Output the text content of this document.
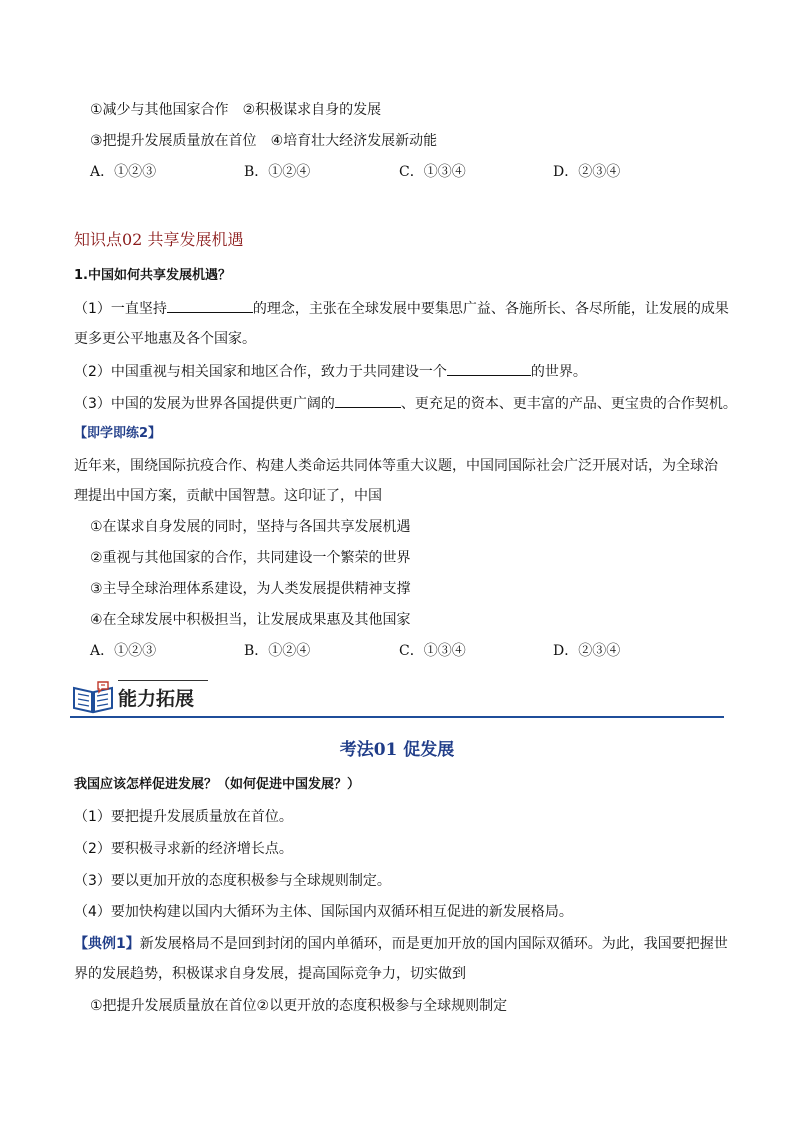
①减少与其他国家合作 ②积极谋求自身的发展
③把提升发展质量放在首位 ④培育壮大经济发展新动能
A．①②③	B．①②④	C．①③④	D．②③④
知识点02 共享发展机遇
1.中国如何共享发展机遇？
（1）一直坚持	的理念，主张在全球发展中要集思广益、各施所长、各尽所能，让发展的成果
更多更公平地惠及各个国家。
（2）中国重视与相关国家和地区合作，致力于共同建设一个	的世界。
（3）中国的发展为世界各国提供更广阔的	、更充足的资本、更丰富的产品、更宝贵的合作契机。
【即学即练2】
近年来，围绕国际抗疫合作、构建人类命运共同体等重大议题，中国同国际社会广泛开展对话，为全球治
理提出中国方案，贡献中国智慧。这印证了，中国
①在谋求自身发展的同时，坚持与各国共享发展机遇
②重视与其他国家的合作，共同建设一个繁荣的世界
③主导全球治理体系建设，为人类发展提供精神支撑
④在全球发展中积极担当，让发展成果惠及其他国家
A．①②③	B．①②④	C．①③④	D．②③④
能力拓展
考法01 促发展
我国应该怎样促进发展？（如何促进中国发展？）
（1）要把提升发展质量放在首位。
（2）要积极寻求新的经济增长点。
（3）要以更加开放的态度积极参与全球规则制定。
（4）要加快构建以国内大循环为主体、国际国内双循环相互促进的新发展格局。
【典例1】新发展格局不是回到封闭的国内单循环，而是更加开放的国内国际双循环。为此，我国要把握世
界的发展趋势，积极谋求自身发展，提高国际竞争力，切实做到
①把提升发展质量放在首位②以更开放的态度积极参与全球规则制定
